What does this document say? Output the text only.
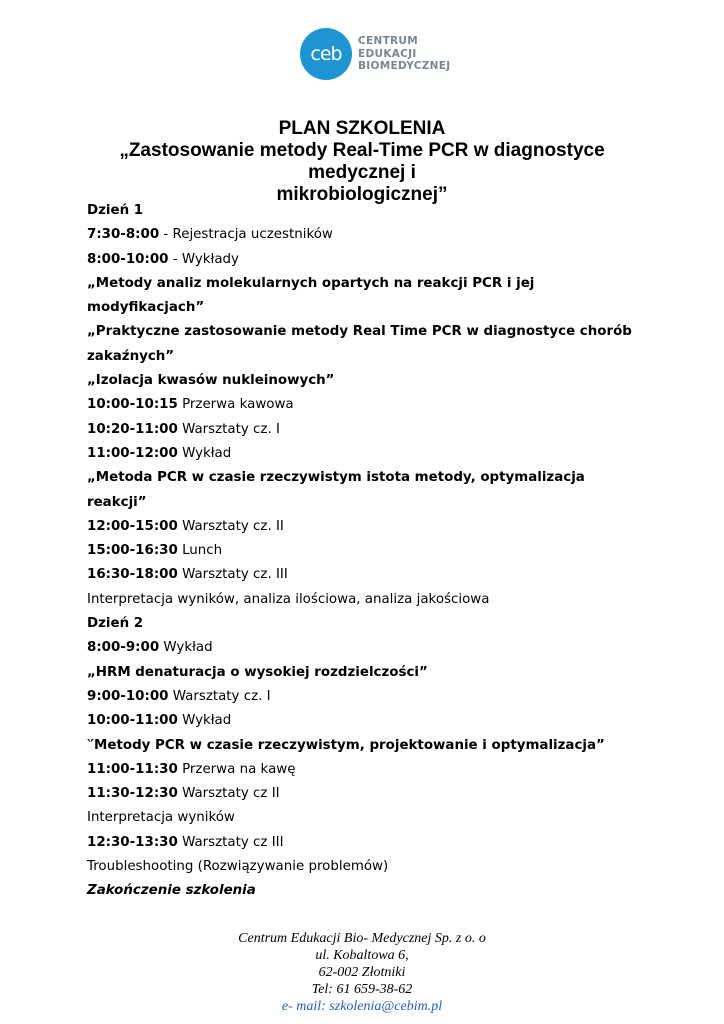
ceb
CENTRUM
EDUKACJI
BIOMEDYCZNEJ
PLAN SZKOLENIA
„Zastosowanie metody Real-Time PCR w diagnostyce
medycznej i
mikrobiologicznej”
Dzień 1
7:30-8:00 - Rejestracja uczestników
8:00-10:00 - Wykłady
„Metody analiz molekularnych opartych na reakcji PCR i jej
modyfikacjach”
„Praktyczne zastosowanie metody Real Time PCR w diagnostyce chorób
zakaźnych”
„Izolacja kwasów nukleinowych”
10:00-10:15 Przerwa kawowa
10:20-11:00 Warsztaty cz. I
11:00-12:00 Wykład
„Metoda PCR w czasie rzeczywistym istota metody, optymalizacja
reakcji”
12:00-15:00 Warsztaty cz. II
15:00-16:30 Lunch
16:30-18:00 Warsztaty cz. III
Interpretacja wyników, analiza ilościowa, analiza jakościowa
Dzień 2
8:00-9:00 Wykład
„HRM denaturacja o wysokiej rozdzielczości”
9:00-10:00 Warsztaty cz. I
10:00-11:00 Wykład
‵′Metody PCR w czasie rzeczywistym, projektowanie i optymalizacja”
11:00-11:30 Przerwa na kawę
11:30-12:30 Warsztaty cz II
Interpretacja wyników
12:30-13:30 Warsztaty cz III
Troubleshooting (Rozwiązywanie problemów)
Zakończenie szkolenia
Centrum Edukacji Bio- Medycznej Sp. z o. o
ul. Kobaltowa 6,
62-002 Złotniki
Tel: 61 659-38-62
e- mail: szkolenia@cebim.pl
